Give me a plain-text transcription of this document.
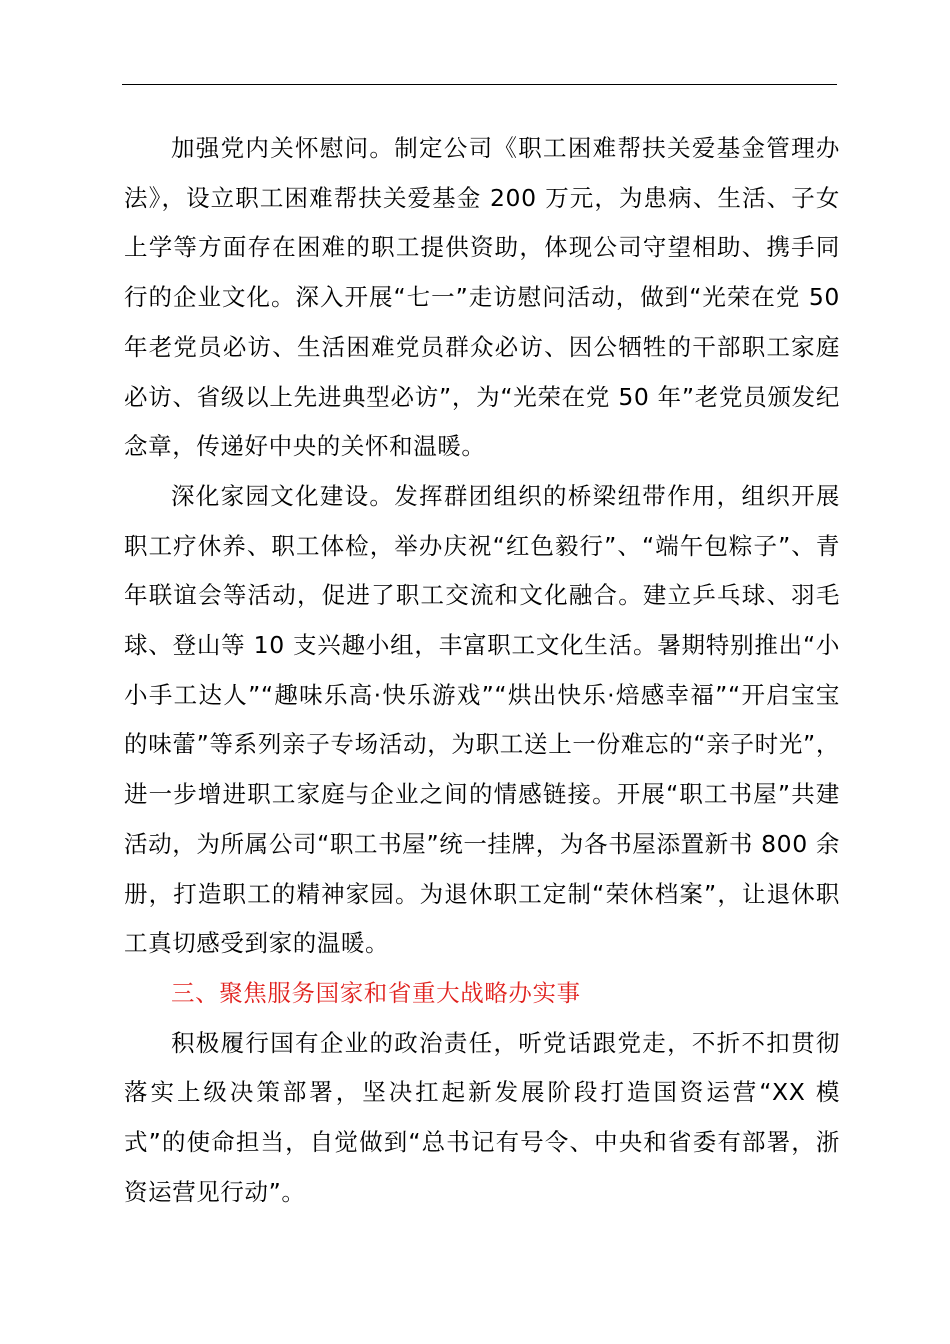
加强党内关怀慰问。制定公司《职工困难帮扶关爱基金管理办法》，设立职工困难帮扶关爱基金 200 万元，为患病、生活、子女上学等方面存在困难的职工提供资助，体现公司守望相助、携手同行的企业文化。深入开展“七一”走访慰问活动，做到“光荣在党 50 年老党员必访、生活困难党员群众必访、因公牺牲的干部职工家庭必访、省级以上先进典型必访”，为“光荣在党 50 年”老党员颁发纪念章，传递好中央的关怀和温暖。

深化家园文化建设。发挥群团组织的桥梁纽带作用，组织开展职工疗休养、职工体检，举办庆祝“红色毅行”、“端午包粽子”、青年联谊会等活动，促进了职工交流和文化融合。建立乒乓球、羽毛球、登山等 10 支兴趣小组，丰富职工文化生活。暑期特别推出“小小手工达人”“趣味乐高·快乐游戏”“烘出快乐·焙感幸福”“开启宝宝的味蕾”等系列亲子专场活动，为职工送上一份难忘的“亲子时光”，进一步增进职工家庭与企业之间的情感链接。开展“职工书屋”共建活动，为所属公司“职工书屋”统一挂牌，为各书屋添置新书 800 余册，打造职工的精神家园。为退休职工定制“荣休档案”，让退休职工真切感受到家的温暖。

三、聚焦服务国家和省重大战略办实事

积极履行国有企业的政治责任，听党话跟党走，不折不扣贯彻落实上级决策部署，坚决扛起新发展阶段打造国资运营“XX 模式”的使命担当，自觉做到“总书记有号令、中央和省委有部署，浙资运营见行动”。
